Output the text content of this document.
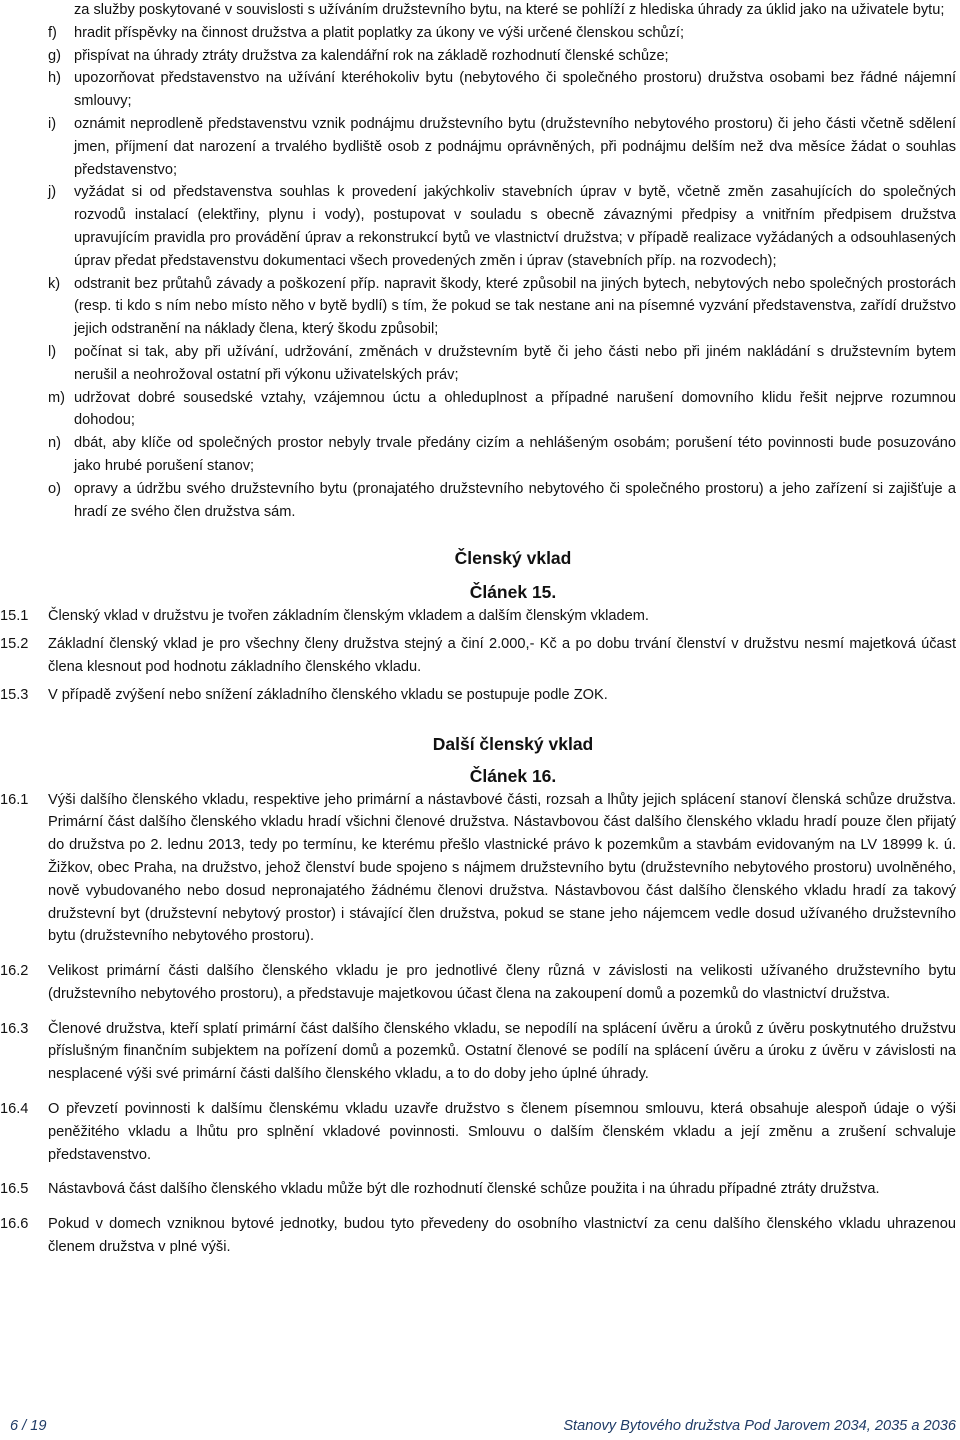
za služby poskytované v souvislosti s užíváním družstevního bytu, na které se pohlíží z hlediska úhrady za úklid jako na uživatele bytu;
f) hradit příspěvky na činnost družstva a platit poplatky za úkony ve výši určené členskou schůzí;
g) přispívat na úhrady ztráty družstva za kalendářní rok na základě rozhodnutí členské schůze;
h) upozorňovat představenstvo na užívání kteréhokoliv bytu (nebytového či společného prostoru) družstva osobami bez řádné nájemní smlouvy;
i) oznámit neprodleně představenstvu vznik podnájmu družstevního bytu (družstevního nebytového prostoru) či jeho části včetně sdělení jmen, příjmení dat narození a trvalého bydliště osob z podnájmu oprávněných, při podnájmu delším než dva měsíce žádat o souhlas představenstvo;
j) vyžádat si od představenstva souhlas k provedení jakýchkoliv stavebních úprav v bytě, včetně změn zasahujících do společných rozvodů instalací (elektřiny, plynu i vody), postupovat v souladu s obecně závaznými předpisy a vnitřním předpisem družstva upravujícím pravidla pro provádění úprav a rekonstrukcí bytů ve vlastnictví družstva; v případě realizace vyžádaných a odsouhlasených úprav předat představenstvu dokumentaci všech provedených změn i úprav (stavebních příp. na rozvodech);
k) odstranit bez průtahů závady a poškození příp. napravit škody, které způsobil na jiných bytech, nebytových nebo společných prostorách (resp. ti kdo s ním nebo místo něho v bytě bydlí) s tím, že pokud se tak nestane ani na písemné vyzvání představenstva, zařídí družstvo jejich odstranění na náklady člena, který škodu způsobil;
l) počínat si tak, aby při užívání, udržování, změnách v družstevním bytě či jeho části nebo při jiném nakládání s družstevním bytem nerušil a neohrožoval ostatní při výkonu uživatelských práv;
m) udržovat dobré sousedské vztahy, vzájemnou úctu a ohleduplnost a případné narušení domovního klidu řešit nejprve rozumnou dohodou;
n) dbát, aby klíče od společných prostor nebyly trvale předány cizím a nehlášeným osobám; porušení této povinnosti bude posuzováno jako hrubé porušení stanov;
o) opravy a údržbu svého družstevního bytu (pronajatého družstevního nebytového či společného prostoru) a jeho zařízení si zajišťuje a hradí ze svého člen družstva sám.
Členský vklad
Článek 15.
15.1 Členský vklad v družstvu je tvořen základním členským vkladem a dalším členským vkladem.
15.2 Základní členský vklad je pro všechny členy družstva stejný a činí 2.000,- Kč a po dobu trvání členství v družstvu nesmí majetková účast člena klesnout pod hodnotu základního členského vkladu.
15.3 V případě zvýšení nebo snížení základního členského vkladu se postupuje podle ZOK.
Další členský vklad
Článek 16.
16.1 Výši dalšího členského vkladu, respektive jeho primární a nástavbové části, rozsah a lhůty jejich splácení stanoví členská schůze družstva. Primární část dalšího členského vkladu hradí všichni členové družstva. Nástavbovou část dalšího členského vkladu hradí pouze člen přijatý do družstva po 2. lednu 2013, tedy po termínu, ke kterému přešlo vlastnické právo k pozemkům a stavbám evidovaným na LV 18999 k. ú. Žižkov, obec Praha, na družstvo, jehož členství bude spojeno s nájmem družstevního bytu (družstevního nebytového prostoru) uvolněného, nově vybudovaného nebo dosud nepronajatého žádnému členovi družstva. Nástavbovou část dalšího členského vkladu hradí za takový družstevní byt (družstevní nebytový prostor) i stávající člen družstva, pokud se stane jeho nájemcem vedle dosud užívaného družstevního bytu (družstevního nebytového prostoru).
16.2 Velikost primární části dalšího členského vkladu je pro jednotlivé členy různá v závislosti na velikosti užívaného družstevního bytu (družstevního nebytového prostoru), a představuje majetkovou účast člena na zakoupení domů a pozemků do vlastnictví družstva.
16.3 Členové družstva, kteří splatí primární část dalšího členského vkladu, se nepodílí na splácení úvěru a úroků z úvěru poskytnutého družstvu příslušným finančním subjektem na pořízení domů a pozemků. Ostatní členové se podílí na splácení úvěru a úroku z úvěru v závislosti na nesplacené výši své primární části dalšího členského vkladu, a to do doby jeho úplné úhrady.
16.4 O převzetí povinnosti k dalšímu členskému vkladu uzavře družstvo s členem písemnou smlouvu, která obsahuje alespoň údaje o výši peněžitého vkladu a lhůtu pro splnění vkladové povinnosti. Smlouvu o dalším členském vkladu a její změnu a zrušení schvaluje představenstvo.
16.5 Nástavbová část dalšího členského vkladu může být dle rozhodnutí členské schůze použita i na úhradu případné ztráty družstva.
16.6 Pokud v domech vzniknou bytové jednotky, budou tyto převedeny do osobního vlastnictví za cenu dalšího členského vkladu uhrazenou členem družstva v plné výši.
6 / 19	Stanovy Bytového družstva Pod Jarovem 2034, 2035 a 2036
